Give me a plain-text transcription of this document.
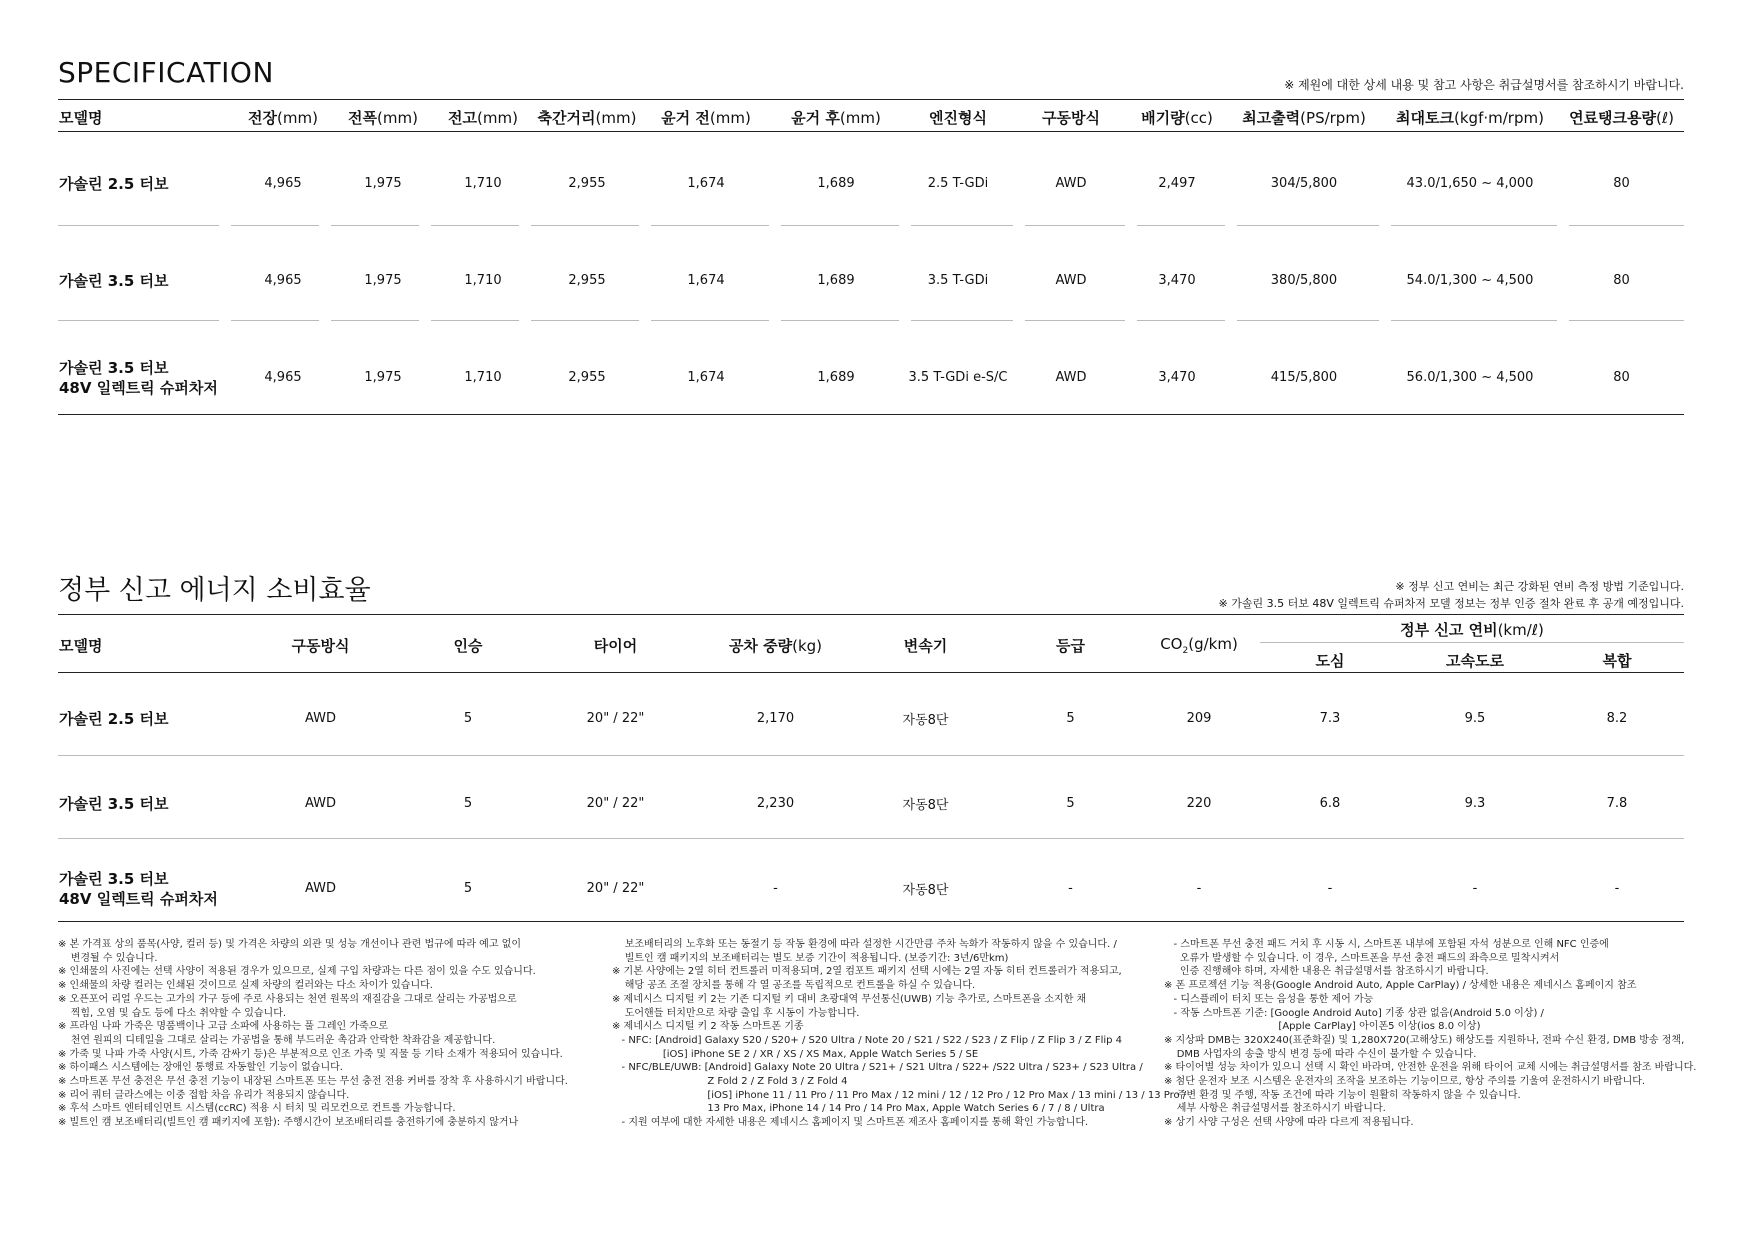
SPECIFICATION	※ 제원에 대한 상세 내용 및 참고 사항은 취급설명서를 참조하시기 바랍니다.
모델명	전장(mm)	전폭(mm)	전고(mm)	축간거리(mm)	윤거 전(mm)	윤거 후(mm)	엔진형식	구동방식	배기량(cc)	최고출력(PS/rpm)	최대토크(kgf·m/rpm)	연료탱크용량(ℓ)

가솔린 2.5 터보	4,965	1,975	1,710	2,955	1,674	1,689	2.5 T-GDi	AWD	2,497	304/5,800	43.0/1,650 ~ 4,000	80

가솔린 3.5 터보	4,965	1,975	1,710	2,955	1,674	1,689	3.5 T-GDi	AWD	3,470	380/5,800	54.0/1,300 ~ 4,500	80

가솔린 3.5 터보
48V 일렉트릭 슈퍼차저	4,965	1,975	1,710	2,955	1,674	1,689	3.5 T-GDi e-S/C	AWD	3,470	415/5,800	56.0/1,300 ~ 4,500	80
정부 신고 에너지 소비효율	※ 정부 신고 연비는 최근 강화된 연비 측정 방법 기준입니다.
※ 가솔린 3.5 터보 48V 일렉트릭 슈퍼차저 모델 정보는 정부 인증 절차 완료 후 공개 예정입니다.
모델명	구동방식	인승	타이어	공차 중량(kg)	변속기	등급	$CO_2(g/km)$	정부 신고 연비(km/ℓ)		
								도심	고속도로	복합

가솔린 2.5 터보	AWD	5	20" / 22"	2,170	자동8단	5	209	7.3	9.5	8.2

가솔린 3.5 터보	AWD	5	20" / 22"	2,230	자동8단	5	220	6.8	9.3	7.8

가솔린 3.5 터보
48V 일렉트릭 슈퍼차저	AWD	5	20" / 22"	-	자동8단	-	-	-	-	-
※ 본 가격표 상의 품목(사양, 컬러 등) 및 가격은 차량의 외관 및 성능 개선이나 관련 법규에 따라 예고 없이
변경될 수 있습니다.
※ 인쇄물의 사진에는 선택 사양이 적용된 경우가 있으므로, 실제 구입 차량과는 다른 점이 있을 수도 있습니다.
※ 인쇄물의 차량 컬러는 인쇄된 것이므로 실제 차량의 컬러와는 다소 차이가 있습니다.
※ 오픈포어 리얼 우드는 고가의 가구 등에 주로 사용되는 천연 원목의 재질감을 그대로 살리는 가공법으로
찍힘, 오염 및 습도 등에 다소 취약할 수 있습니다.
※ 프라임 나파 가죽은 명품백이나 고급 소파에 사용하는 풀 그레인 가죽으로
천연 원피의 디테일을 그대로 살리는 가공법을 통해 부드러운 촉감과 안락한 착좌감을 제공합니다.
※ 가죽 및 나파 가죽 사양(시트, 가죽 감싸기 등)은 부분적으로 인조 가죽 및 직물 등 기타 소재가 적용되어 있습니다.
※ 하이패스 시스템에는 장애인 통행료 자동할인 기능이 없습니다.
※ 스마트폰 무선 충전은 무선 충전 기능이 내장된 스마트폰 또는 무선 충전 전용 커버를 장착 후 사용하시기 바랍니다.
※ 리어 쿼터 글라스에는 이중 접합 차음 유리가 적용되지 않습니다.
※ 후석 스마트 엔터테인먼트 시스템(ccRC) 적용 시 터치 및 리모컨으로 컨트롤 가능합니다.
※ 빌트인 캠 보조배터리(빌트인 캠 패키지에 포함): 주행시간이 보조배터리를 충전하기에 충분하지 않거나
보조배터리의 노후화 또는 동절기 등 작동 환경에 따라 설정한 시간만큼 주차 녹화가 작동하지 않을 수 있습니다. /
빌트인 캠 패키지의 보조배터리는 별도 보증 기간이 적용됩니다. (보증기간: 3년/6만km)
※ 기본 사양에는 2열 히터 컨트롤러 미적용되며, 2열 컴포트 패키지 선택 시에는 2열 자동 히터 컨트롤러가 적용되고,
해당 공조 조절 장치를 통해 각 열 공조를 독립적으로 컨트롤을 하실 수 있습니다.
※ 제네시스 디지털 키 2는 기존 디지털 키 대비 초광대역 무선통신(UWB) 기능 추가로, 스마트폰을 소지한 채
도어핸들 터치만으로 차량 출입 후 시동이 가능합니다.
※ 제네시스 디지털 키 2 작동 스마트폰 기종
- NFC: [Android] Galaxy S20 / S20+ / S20 Ultra / Note 20 / S21 / S22 / S23 / Z Flip / Z Flip 3 / Z Flip 4
[iOS] iPhone SE 2 / XR / XS / XS Max, Apple Watch Series 5 / SE
- NFC/BLE/UWB: [Android] Galaxy Note 20 Ultra / S21+ / S21 Ultra / S22+ /S22 Ultra / S23+ / S23 Ultra /
Z Fold 2 / Z Fold 3 / Z Fold 4
[iOS] iPhone 11 / 11 Pro / 11 Pro Max / 12 mini / 12 / 12 Pro / 12 Pro Max / 13 mini / 13 / 13 Pro /
13 Pro Max, iPhone 14 / 14 Pro / 14 Pro Max, Apple Watch Series 6 / 7 / 8 / Ultra
- 지원 여부에 대한 자세한 내용은 제네시스 홈페이지 및 스마트폰 제조사 홈페이지를 통해 확인 가능합니다.
- 스마트폰 무선 충전 패드 거치 후 시동 시, 스마트폰 내부에 포함된 자석 성분으로 인해 NFC 인증에
오류가 발생할 수 있습니다. 이 경우, 스마트폰을 무선 충전 패드의 좌측으로 밀착시켜서
인증 진행해야 하며, 자세한 내용은 취급설명서를 참조하시기 바랍니다.
※ 폰 프로젝션 기능 적용(Google Android Auto, Apple CarPlay) / 상세한 내용은 제네시스 홈페이지 참조
- 디스플레이 터치 또는 음성을 통한 제어 가능
- 작동 스마트폰 기준: [Google Android Auto] 기종 상관 없음(Android 5.0 이상) /
[Apple CarPlay] 아이폰5 이상(ios 8.0 이상)
※ 지상파 DMB는 320X240(표준화질) 및 1,280X720(고해상도) 해상도를 지원하나, 전파 수신 환경, DMB 방송 정책,
DMB 사업자의 송출 방식 변경 등에 따라 수신이 불가할 수 있습니다.
※ 타이어별 성능 차이가 있으니 선택 시 확인 바라며, 안전한 운전을 위해 타이어 교체 시에는 취급설명서를 참조 바랍니다.
※ 첨단 운전자 보조 시스템은 운전자의 조작을 보조하는 기능이므로, 항상 주의를 기울여 운전하시기 바랍니다.
주변 환경 및 주행, 작동 조건에 따라 기능이 원활히 작동하지 않을 수 있습니다.
세부 사항은 취급설명서를 참조하시기 바랍니다.
※ 상기 사양 구성은 선택 사양에 따라 다르게 적용됩니다.
